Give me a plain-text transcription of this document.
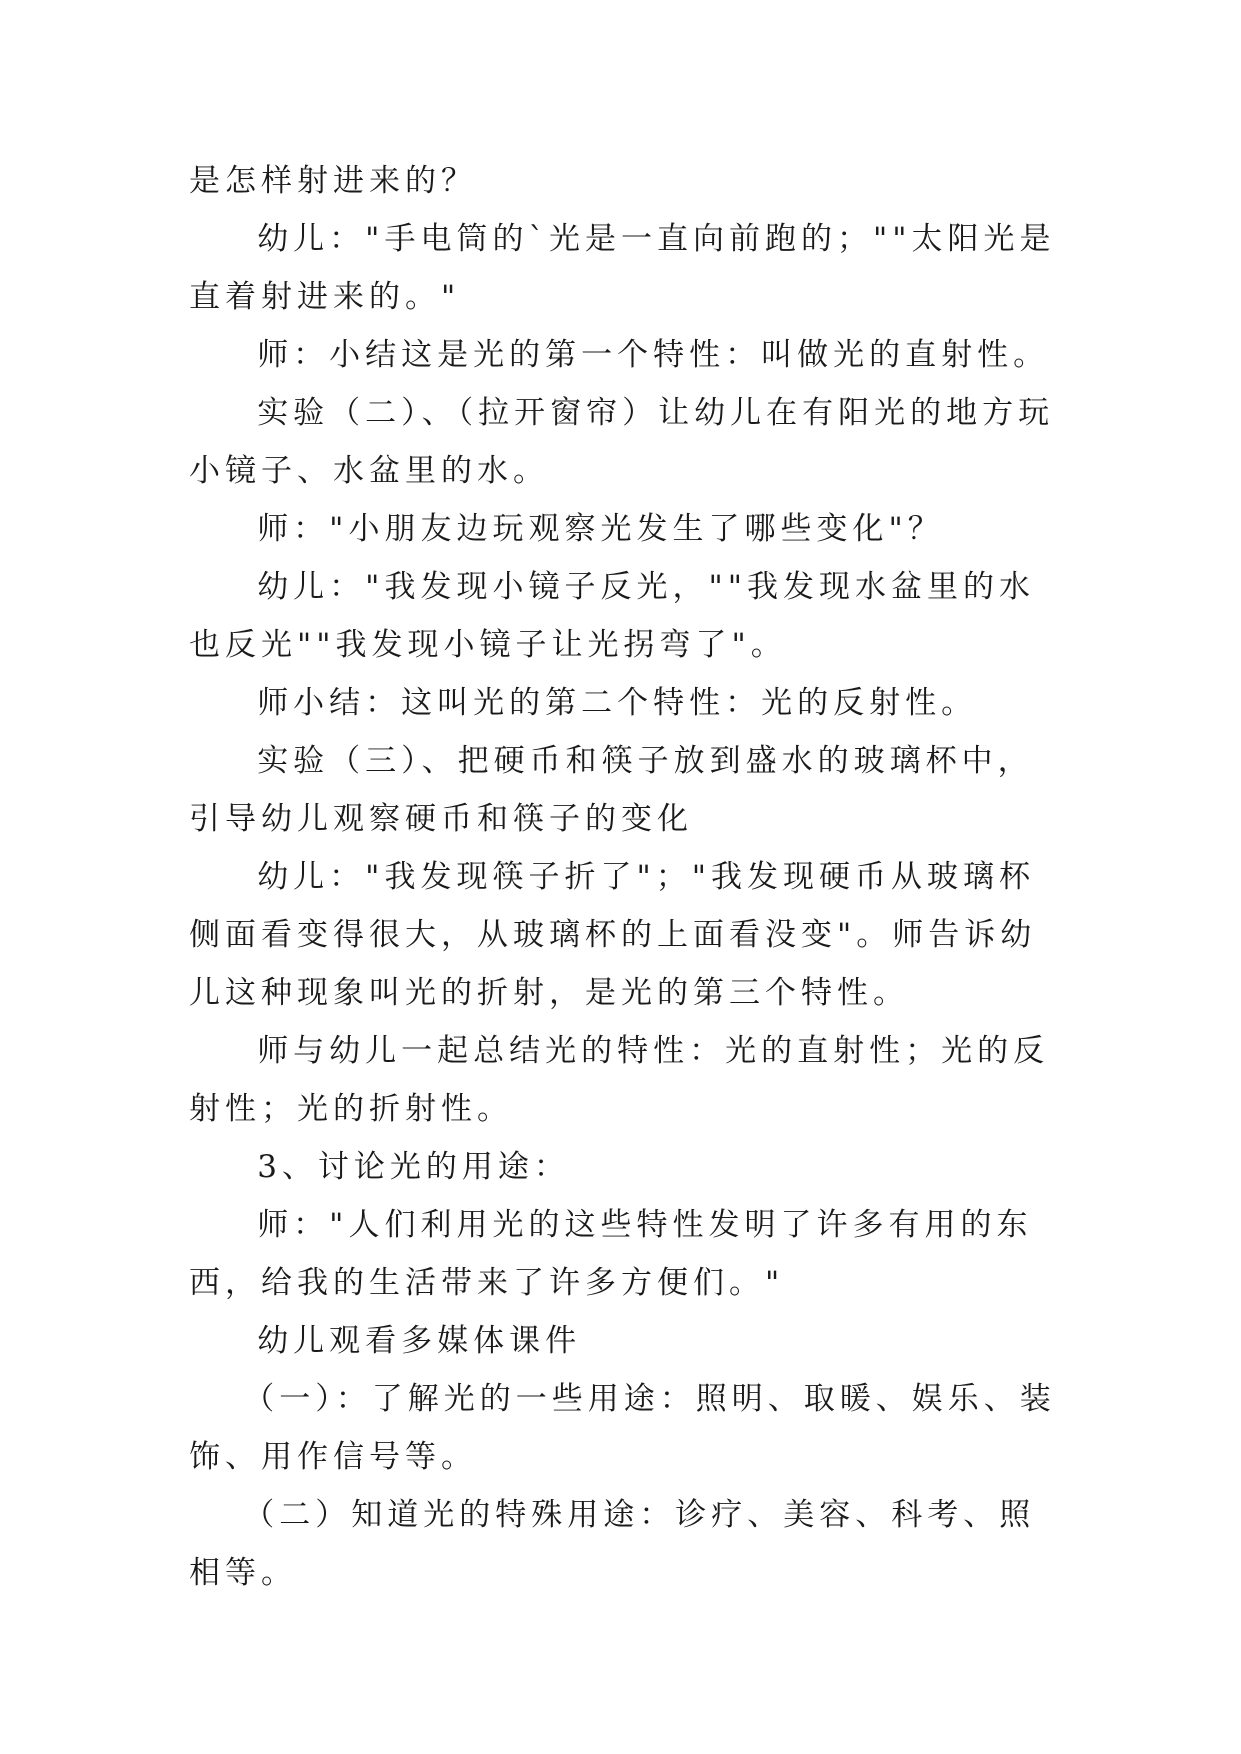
是怎样射进来的？

幼儿："手电筒的`光是一直向前跑的；""太阳光是直着射进来的。"

师：小结这是光的第一个特性：叫做光的直射性。

实验（二）、（拉开窗帘）让幼儿在有阳光的地方玩小镜子、水盆里的水。

师："小朋友边玩观察光发生了哪些变化"？

幼儿："我发现小镜子反光，""我发现水盆里的水也反光""我发现小镜子让光拐弯了"。

师小结：这叫光的第二个特性：光的反射性。

实验（三）、把硬币和筷子放到盛水的玻璃杯中，引导幼儿观察硬币和筷子的变化

幼儿："我发现筷子折了"；"我发现硬币从玻璃杯侧面看变得很大，从玻璃杯的上面看没变"。师告诉幼儿这种现象叫光的折射，是光的第三个特性。

师与幼儿一起总结光的特性：光的直射性；光的反射性；光的折射性。

3、讨论光的用途：

师："人们利用光的这些特性发明了许多有用的东西，给我的生活带来了许多方便们。"

幼儿观看多媒体课件

（一）：了解光的一些用途：照明、取暖、娱乐、装饰、用作信号等。

（二）知道光的特殊用途：诊疗、美容、科考、照相等。
